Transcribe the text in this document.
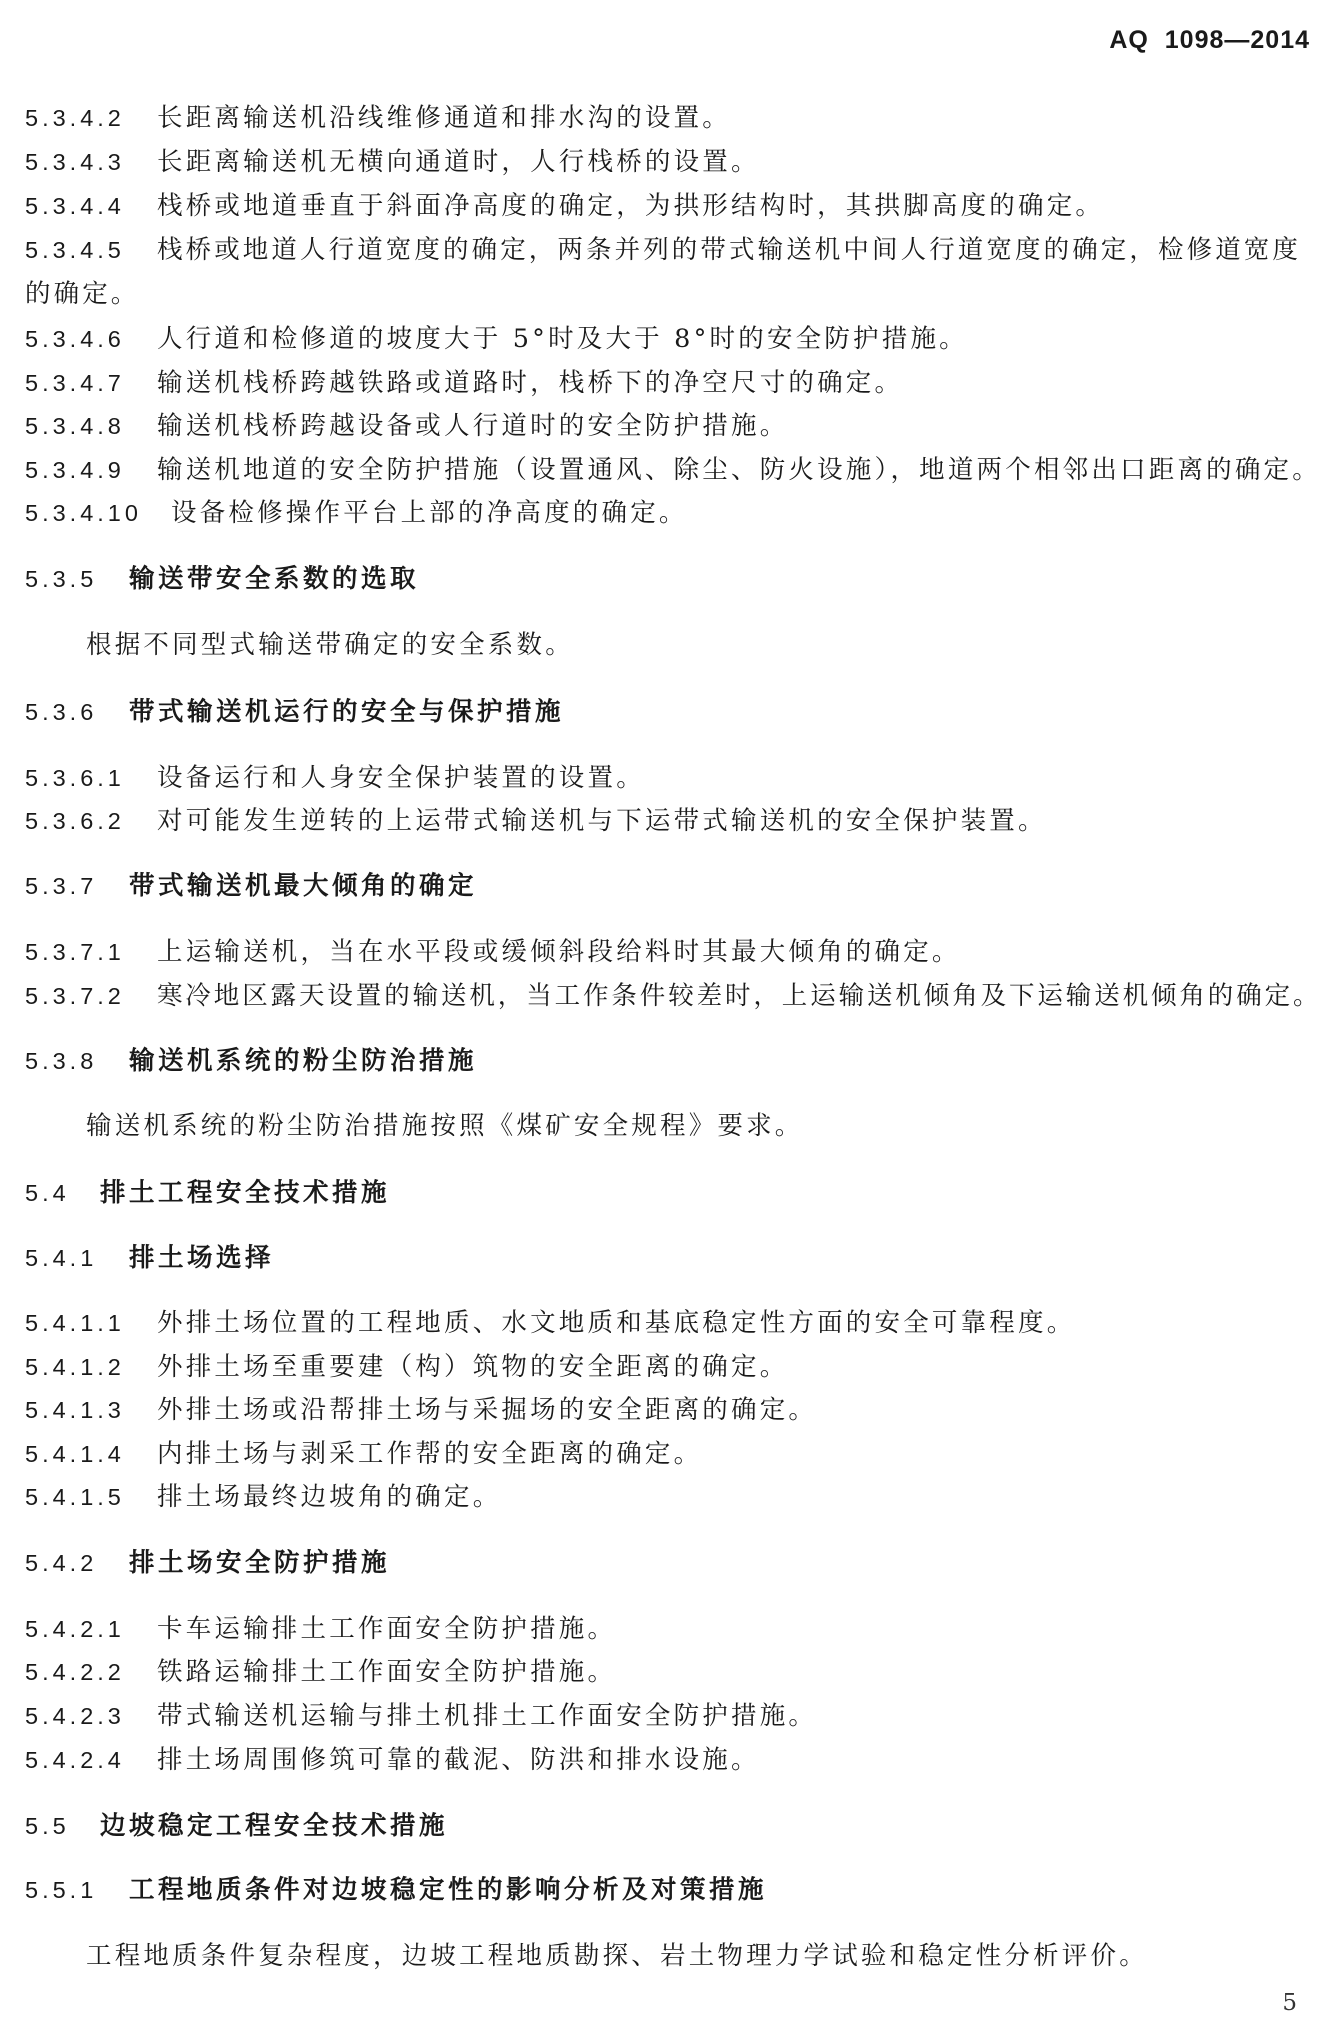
AQ  1098—2014
5.3.4.2 长距离输送机沿线维修通道和排水沟的设置。
5.3.4.3 长距离输送机无横向通道时，人行栈桥的设置。
5.3.4.4 栈桥或地道垂直于斜面净高度的确定，为拱形结构时，其拱脚高度的确定。
5.3.4.5 栈桥或地道人行道宽度的确定，两条并列的带式输送机中间人行道宽度的确定，检修道宽度的确定。
5.3.4.6 人行道和检修道的坡度大于 5°时及大于 8°时的安全防护措施。
5.3.4.7 输送机栈桥跨越铁路或道路时，栈桥下的净空尺寸的确定。
5.3.4.8 输送机栈桥跨越设备或人行道时的安全防护措施。
5.3.4.9 输送机地道的安全防护措施（设置通风、除尘、防火设施），地道两个相邻出口距离的确定。
5.3.4.10 设备检修操作平台上部的净高度的确定。
5.3.5 输送带安全系数的选取
根据不同型式输送带确定的安全系数。
5.3.6 带式输送机运行的安全与保护措施
5.3.6.1 设备运行和人身安全保护装置的设置。
5.3.6.2 对可能发生逆转的上运带式输送机与下运带式输送机的安全保护装置。
5.3.7 带式输送机最大倾角的确定
5.3.7.1 上运输送机，当在水平段或缓倾斜段给料时其最大倾角的确定。
5.3.7.2 寒冷地区露天设置的输送机，当工作条件较差时，上运输送机倾角及下运输送机倾角的确定。
5.3.8 输送机系统的粉尘防治措施
输送机系统的粉尘防治措施按照《煤矿安全规程》要求。
5.4 排土工程安全技术措施
5.4.1 排土场选择
5.4.1.1 外排土场位置的工程地质、水文地质和基底稳定性方面的安全可靠程度。
5.4.1.2 外排土场至重要建（构）筑物的安全距离的确定。
5.4.1.3 外排土场或沿帮排土场与采掘场的安全距离的确定。
5.4.1.4 内排土场与剥采工作帮的安全距离的确定。
5.4.1.5 排土场最终边坡角的确定。
5.4.2 排土场安全防护措施
5.4.2.1 卡车运输排土工作面安全防护措施。
5.4.2.2 铁路运输排土工作面安全防护措施。
5.4.2.3 带式输送机运输与排土机排土工作面安全防护措施。
5.4.2.4 排土场周围修筑可靠的截泥、防洪和排水设施。
5.5 边坡稳定工程安全技术措施
5.5.1 工程地质条件对边坡稳定性的影响分析及对策措施
工程地质条件复杂程度，边坡工程地质勘探、岩土物理力学试验和稳定性分析评价。
5
